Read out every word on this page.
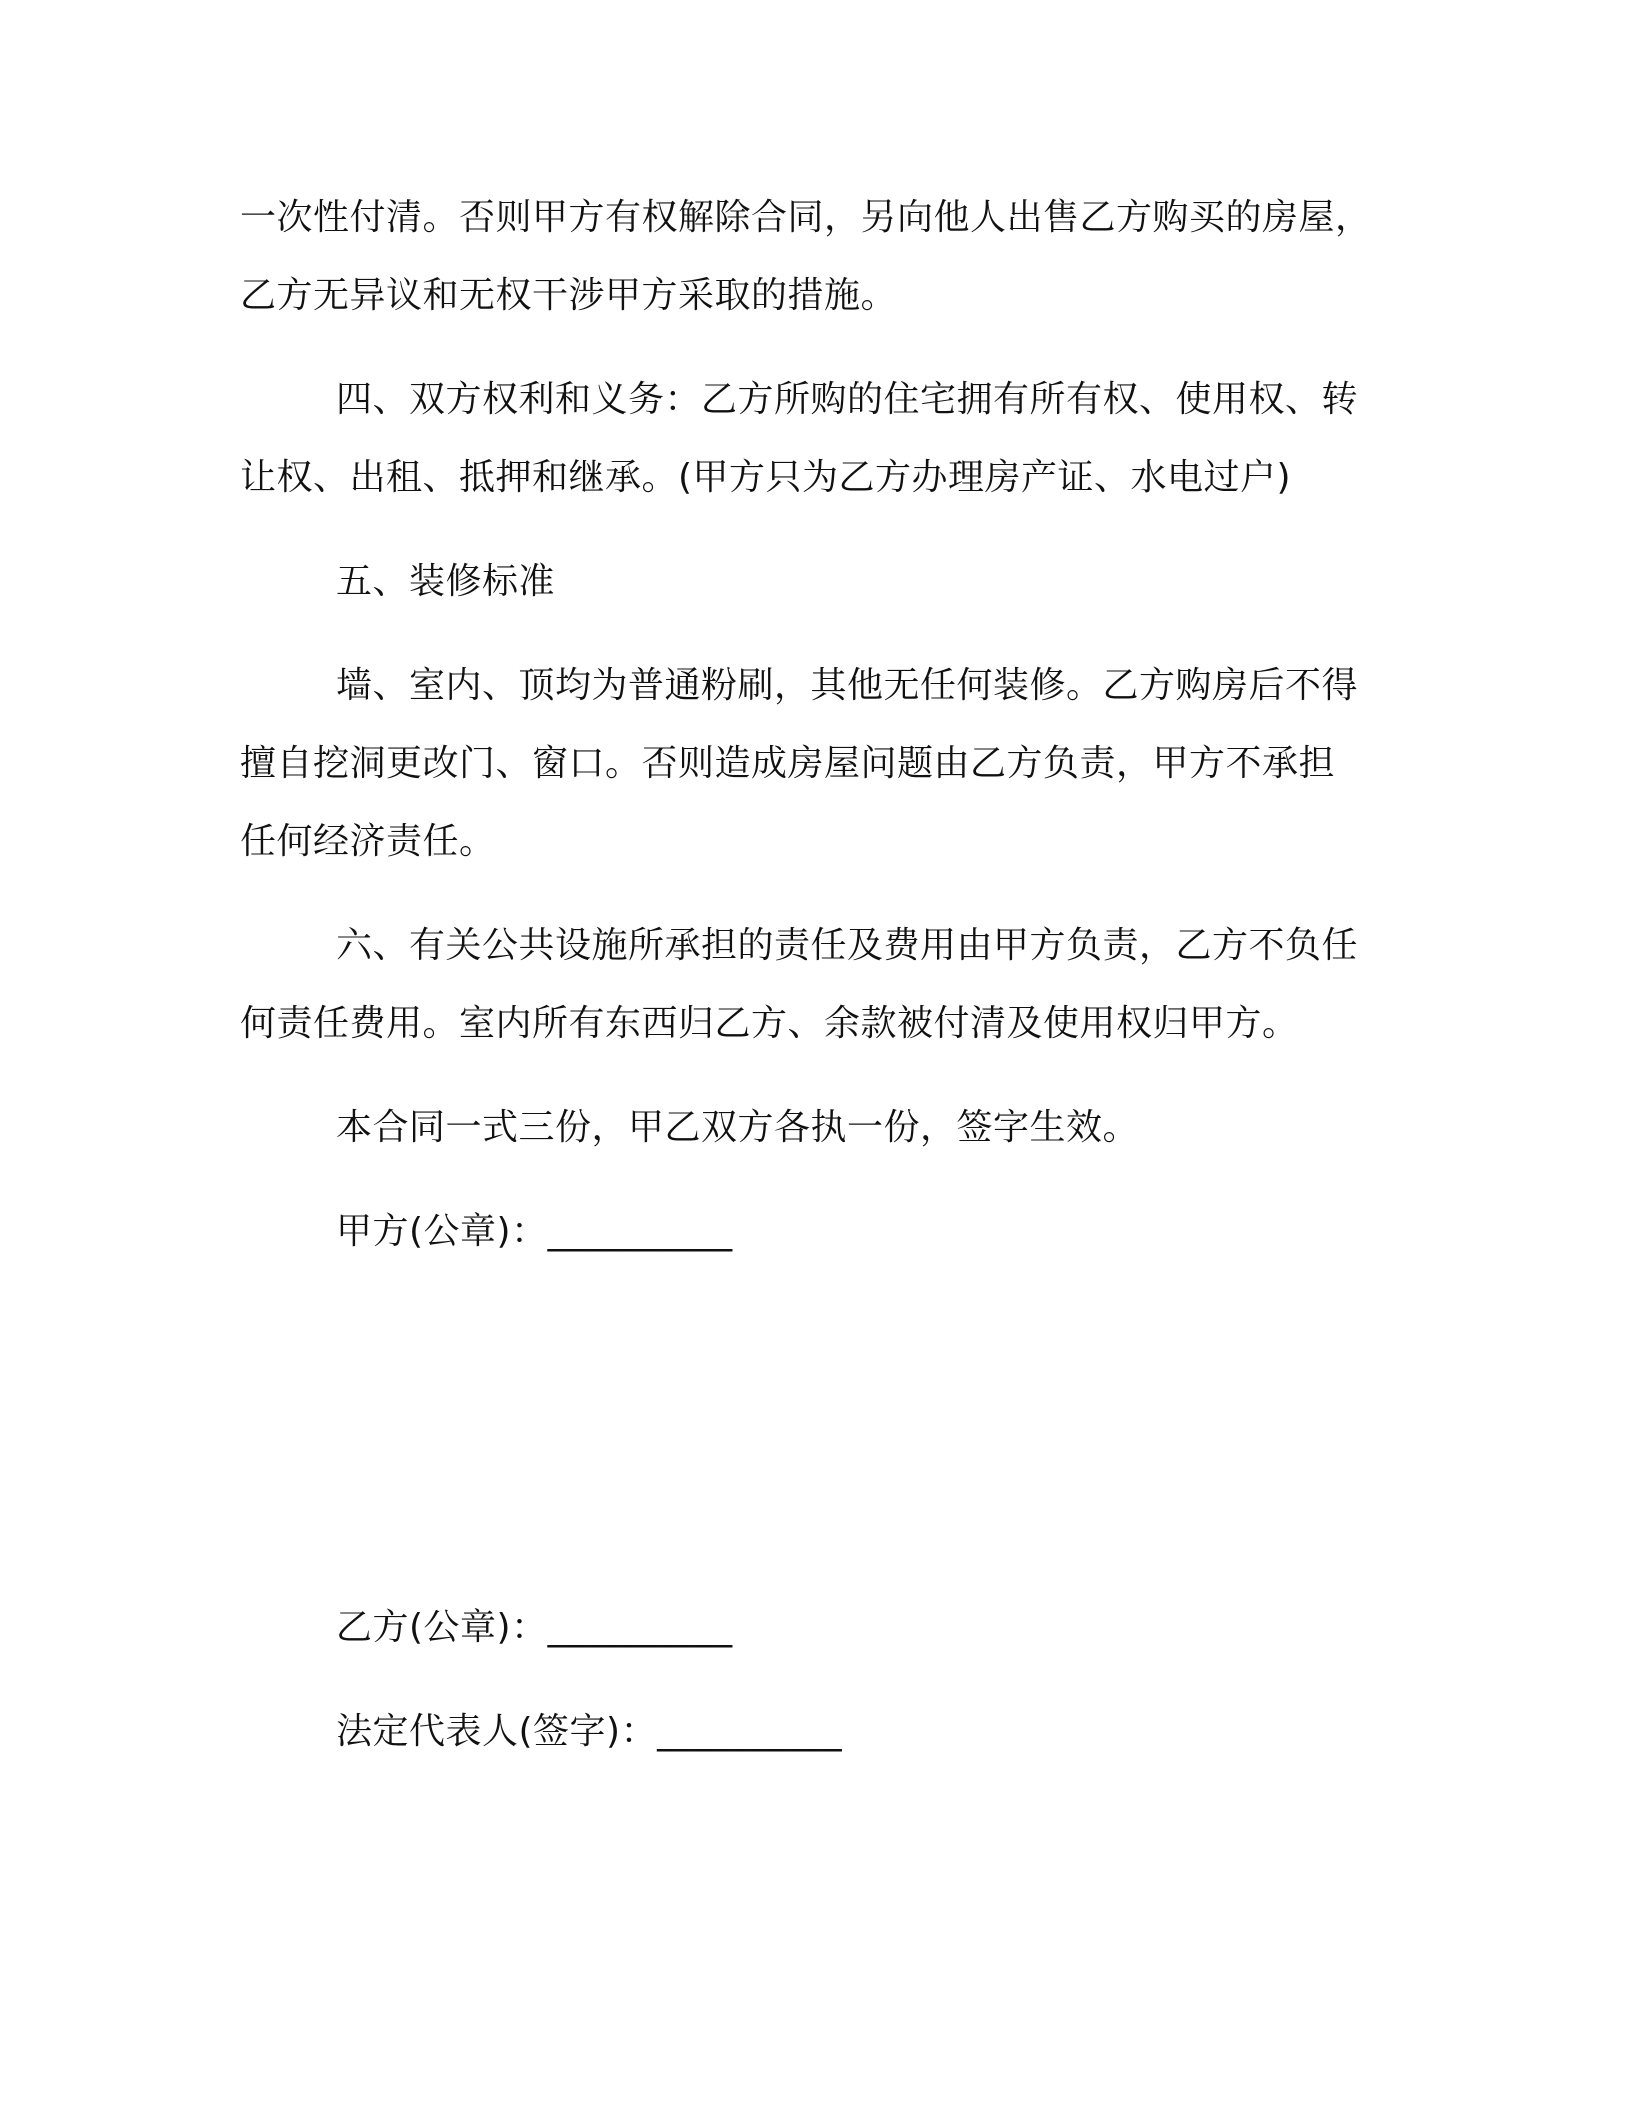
一次性付清。否则甲方有权解除合同，另向他人出售乙方购买的房屋，
乙方无异议和无权干涉甲方采取的措施。
四、双方权利和义务：乙方所购的住宅拥有所有权、使用权、转
让权、出租、抵押和继承。(甲方只为乙方办理房产证、水电过户)
五、装修标准
墙、室内、顶均为普通粉刷，其他无任何装修。乙方购房后不得
擅自挖洞更改门、窗口。否则造成房屋问题由乙方负责，甲方不承担
任何经济责任。
六、有关公共设施所承担的责任及费用由甲方负责，乙方不负任
何责任费用。室内所有东西归乙方、余款被付清及使用权归甲方。
本合同一式三份，甲乙双方各执一份，签字生效。
甲方(公章)：__________
乙方(公章)：__________
法定代表人(签字)：__________
